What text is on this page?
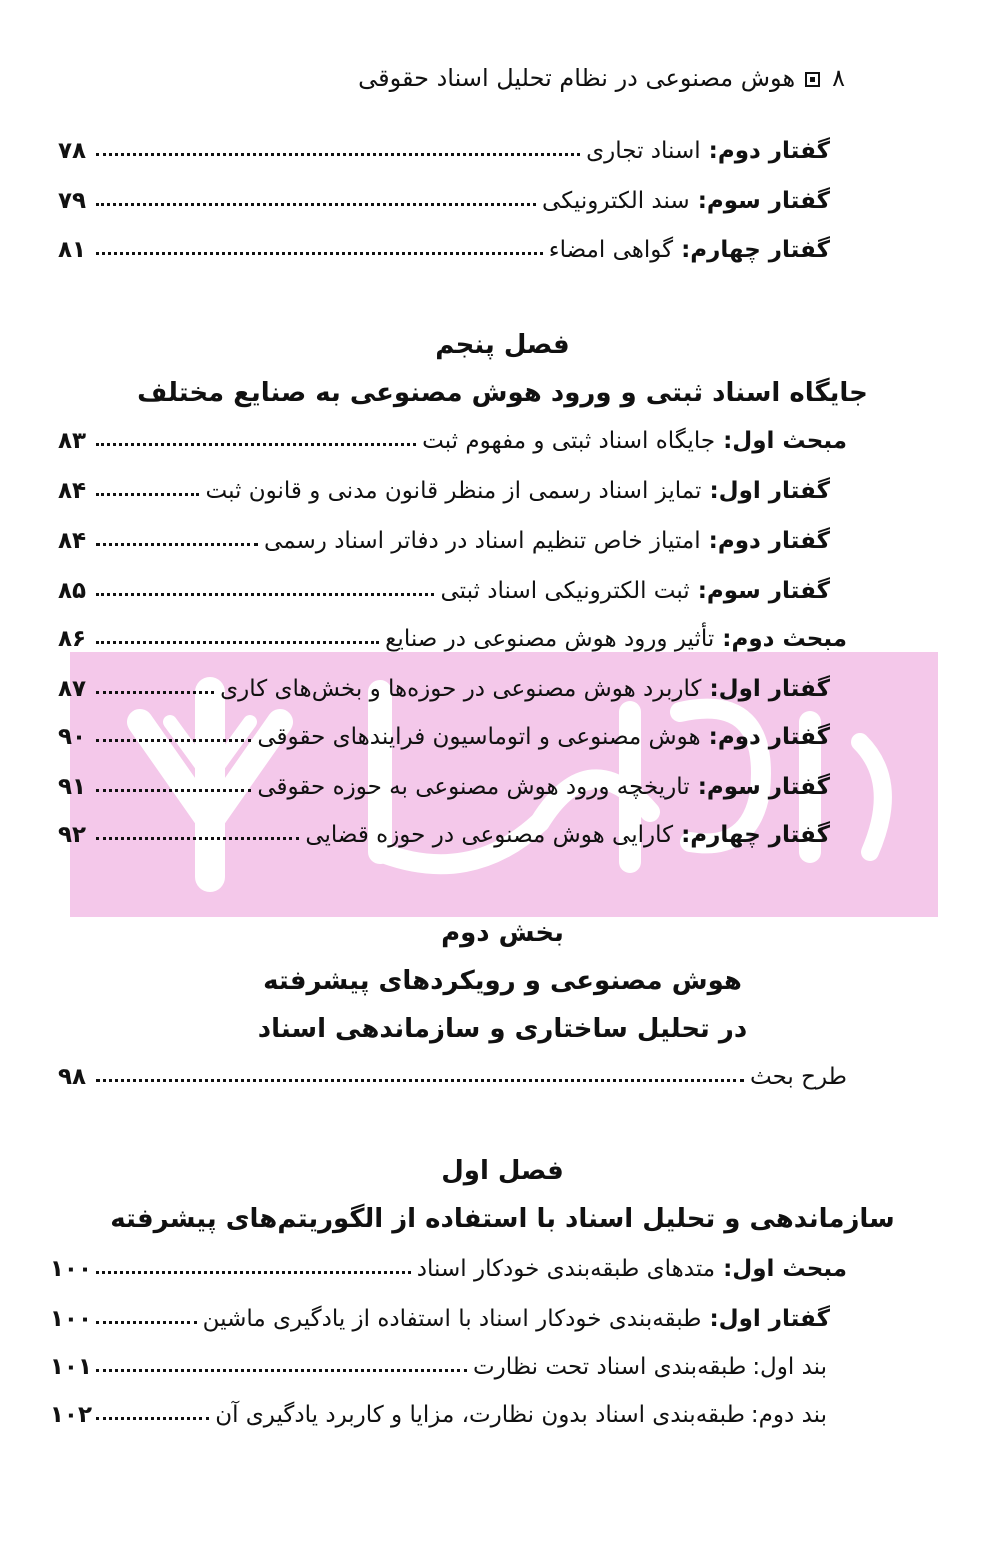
۸هوش مصنوعی در نظام تحلیل اسناد حقوقی
گفتار دوم:
اسناد تجاری
۷۸
گفتار سوم:
سند الکترونیکی
۷۹
گفتار چهارم:
گواهی امضاء
۸۱
فصل پنجم
جایگاه اسناد ثبتی و ورود هوش مصنوعی به صنایع مختلف
مبحث اول:
جایگاه اسناد ثبتی و مفهوم ثبت
۸۳
گفتار اول:
تمایز اسناد رسمی از منظر قانون مدنی و قانون ثبت
۸۴
گفتار دوم:
امتیاز خاص تنظیم اسناد در دفاتر اسناد رسمی
۸۴
گفتار سوم:
ثبت الکترونیکی اسناد ثبتی
۸۵
مبحث دوم:
تأثیر ورود هوش مصنوعی در صنایع
۸۶
گفتار اول:
کاربرد هوش مصنوعی در حوزه‌ها و بخش‌های کاری
۸۷
گفتار دوم:
هوش مصنوعی و اتوماسیون فرایندهای حقوقی
۹۰
گفتار سوم:
تاریخچه ورود هوش مصنوعی به حوزه حقوقی
۹۱
گفتار چهارم:
کارایی هوش مصنوعی در حوزه قضایی
۹۲
بخش دوم
هوش مصنوعی و رویکردهای پیشرفته
در تحلیل ساختاری و سازماندهی اسناد
طرح بحث
۹۸
فصل اول
سازماندهی و تحلیل اسناد با استفاده از الگوریتم‌های پیشرفته
مبحث اول:
متدهای طبقه‌بندی خودکار اسناد
۱۰۰
گفتار اول:
طبقه‌بندی خودکار اسناد با استفاده از یادگیری ماشین
۱۰۰
بند اول:
طبقه‌بندی اسناد تحت نظارت
۱۰۱
بند دوم:
طبقه‌بندی اسناد بدون نظارت، مزایا و کاربرد یادگیری آن
۱۰۲
